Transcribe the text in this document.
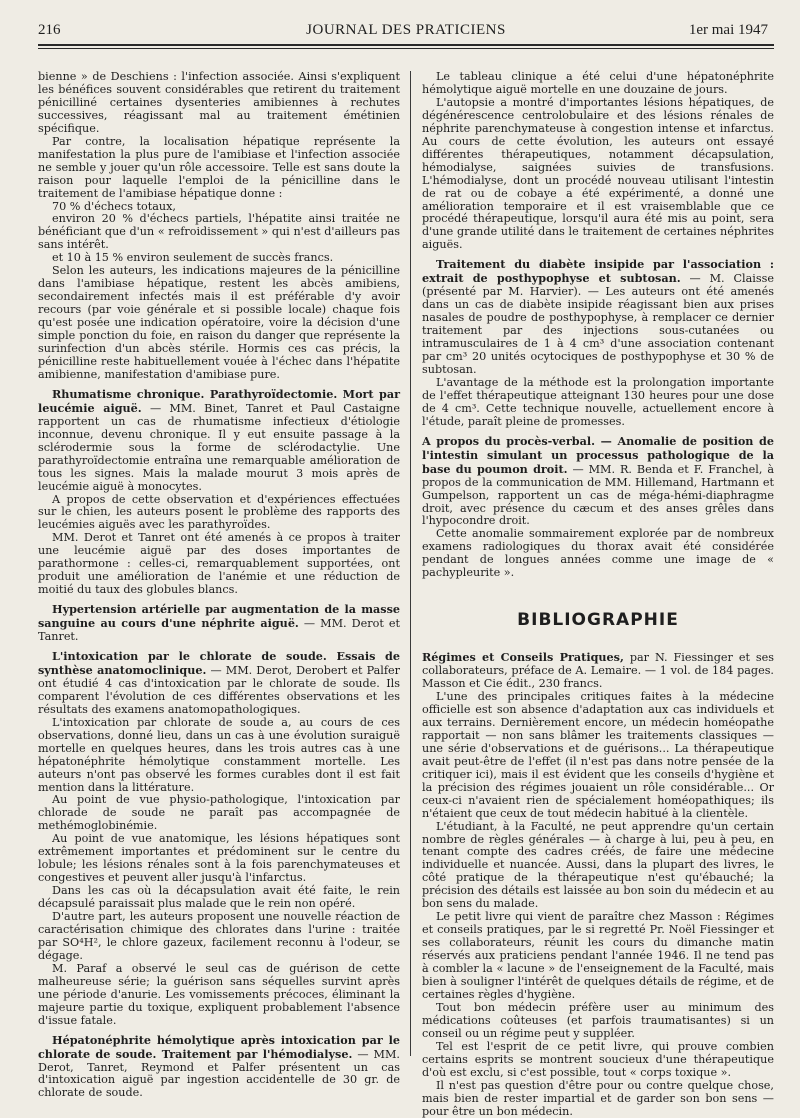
216	JOURNAL DES PRATICIENS	1er mai 1947

bienne » de Deschiens : l'infection associée. Ainsi s'expliquent les bénéfices souvent considérables que retirent du traitement pénicilliné certaines dysenteries amibiennes à rechutes successives, réagissant mal au traitement émétinien spécifique.

Par contre, la localisation hépatique représente la manifestation la plus pure de l'amibiase et l'infection associée ne semble y jouer qu'un rôle accessoire. Telle est sans doute la raison pour laquelle l'emploi de la pénicilline dans le traitement de l'amibiase hépatique donne :

70 % d'échecs totaux,

environ 20 % d'échecs partiels, l'hépatite ainsi traitée ne bénéficiant que d'un « refroidissement » qui n'est d'ailleurs pas sans intérêt.

et 10 à 15 % environ seulement de succès francs.

Selon les auteurs, les indications majeures de la pénicilline dans l'amibiase hépatique, restent les abcès amibiens, secondairement infectés mais il est préférable d'y avoir recours (par voie générale et si possible locale) chaque fois qu'est posée une indication opératoire, voire la décision d'une simple ponction du foie, en raison du danger que représente la surinfection d'un abcès stérile. Hormis ces cas précis, la pénicilline reste habituellement vouée à l'échec dans l'hépatite amibienne, manifestation d'amibiase pure.

Rhumatisme chronique. Parathyroïdectomie. Mort par leucémie aiguë. — MM. Binet, Tanret et Paul Castaigne rapportent un cas de rhumatisme infectieux d'étiologie inconnue, devenu chronique. Il y eut ensuite passage à la sclérodermie sous la forme de sclérodactylie. Une parathyroïdectomie entraîna une remarquable amélioration de tous les signes. Mais la malade mourut 3 mois après de leucémie aiguë à monocytes.

A propos de cette observation et d'expériences effectuées sur le chien, les auteurs posent le problème des rapports des leucémies aiguës avec les parathyroïdes.

MM. Derot et Tanret ont été amenés à ce propos à traiter une leucémie aiguë par des doses importantes de parathormone : celles-ci, remarquablement supportées, ont produit une amélioration de l'anémie et une réduction de moitié du taux des globules blancs.

Hypertension artérielle par augmentation de la masse sanguine au cours d'une néphrite aiguë. — MM. Derot et Tanret.

L'intoxication par le chlorate de soude. Essais de synthèse anatomoclinique. — MM. Derot, Derobert et Palfer ont étudié 4 cas d'intoxication par le chlorate de soude. Ils comparent l'évolution de ces différentes observations et les résultats des examens anatomopathologiques.

L'intoxication par chlorate de soude a, au cours de ces observations, donné lieu, dans un cas à une évolution suraiguë mortelle en quelques heures, dans les trois autres cas à une hépatonéphrite hémolytique constamment mortelle. Les auteurs n'ont pas observé les formes curables dont il est fait mention dans la littérature.

Au point de vue physio-pathologique, l'intoxication par chlorade de soude ne paraît pas accompagnée de methémoglobinémie.

Au point de vue anatomique, les lésions hépatiques sont extrêmement importantes et prédominent sur le centre du lobule; les lésions rénales sont à la fois parenchymateuses et congestives et peuvent aller jusqu'à l'infarctus.

Dans les cas où la décapsulation avait été faite, le rein décapsulé paraissait plus malade que le rein non opéré.

D'autre part, les auteurs proposent une nouvelle réaction de caractérisation chimique des chlorates dans l'urine : traitée par SO⁴H², le chlore gazeux, facilement reconnu à l'odeur, se dégage.

M. Paraf a observé le seul cas de guérison de cette malheureuse série; la guérison sans séquelles survint après une période d'anurie. Les vomissements précoces, éliminant la majeure partie du toxique, expliquent probablement l'absence d'issue fatale.

Hépatonéphrite hémolytique après intoxication par le chlorate de soude. Traitement par l'hémodialyse. — MM. Derot, Tanret, Reymond et Palfer présentent un cas d'intoxication aiguë par ingestion accidentelle de 30 gr. de chlorate de soude.

Le tableau clinique a été celui d'une hépatonéphrite hémolytique aiguë mortelle en une douzaine de jours.

L'autopsie a montré d'importantes lésions hépatiques, de dégénérescence centrolobulaire et des lésions rénales de néphrite parenchymateuse à congestion intense et infarctus. Au cours de cette évolution, les auteurs ont essayé différentes thérapeutiques, notamment décapsulation, hémodialyse, saignées suivies de transfusions. L'hémodialyse, dont un procédé nouveau utilisant l'intestin de rat ou de cobaye a été expérimenté, a donné une amélioration temporaire et il est vraisemblable que ce procédé thérapeutique, lorsqu'il aura été mis au point, sera d'une grande utilité dans le traitement de certaines néphrites aiguës.

Traitement du diabète insipide par l'association : extrait de posthypophyse et subtosan. — M. Claisse (présenté par M. Harvier). — Les auteurs ont été amenés dans un cas de diabète insipide réagissant bien aux prises nasales de poudre de posthypophyse, à remplacer ce dernier traitement par des injections sous-cutanées ou intramusculaires de 1 à 4 cm³ d'une association contenant par cm³ 20 unités ocytociques de posthypophyse et 30 % de subtosan.

L'avantage de la méthode est la prolongation importante de l'effet thérapeutique atteignant 130 heures pour une dose de 4 cm³. Cette technique nouvelle, actuellement encore à l'étude, paraît pleine de promesses.

A propos du procès-verbal. — Anomalie de position de l'intestin simulant un processus pathologique de la base du poumon droit. — MM. R. Benda et F. Franchel, à propos de la communication de MM. Hillemand, Hartmann et Gumpelson, rapportent un cas de méga-hémi-diaphragme droit, avec présence du cæcum et des anses grêles dans l'hypocondre droit.

Cette anomalie sommairement explorée par de nombreux examens radiologiques du thorax avait été considérée pendant de longues années comme une image de « pachypleurite ».

BIBLIOGRAPHIE

Régimes et Conseils Pratiques, par N. Fiessinger et ses collaborateurs, préface de A. Lemaire. — 1 vol. de 184 pages. Masson et Cie édit., 230 francs.

L'une des principales critiques faites à la médecine officielle est son absence d'adaptation aux cas individuels et aux terrains. Dernièrement encore, un médecin homéopathe rapportait — non sans blâmer les traitements classiques — une série d'observations et de guérisons... La thérapeutique avait peut-être de l'effet (il n'est pas dans notre pensée de la critiquer ici), mais il est évident que les conseils d'hygiène et la précision des régimes jouaient un rôle considérable... Or ceux-ci n'avaient rien de spécialement homéopathiques; ils n'étaient que ceux de tout médecin habitué à la clientèle.

L'étudiant, à la Faculté, ne peut apprendre qu'un certain nombre de règles générales — à charge à lui, peu à peu, en tenant compte des cadres créés, de faire une médecine individuelle et nuancée. Aussi, dans la plupart des livres, le côté pratique de la thérapeutique n'est qu'ébauché; la précision des détails est laissée au bon soin du médecin et au bon sens du malade.

Le petit livre qui vient de paraître chez Masson : Régimes et conseils pratiques, par le si regretté Pr. Noël Fiessinger et ses collaborateurs, réunit les cours du dimanche matin réservés aux praticiens pendant l'année 1946. Il ne tend pas à combler la « lacune » de l'enseignement de la Faculté, mais bien à souligner l'intérêt de quelques détails de régime, et de certaines règles d'hygiène.

Tout bon médecin préfère user au minimum des médications coûteuses (et parfois traumatisantes) si un conseil ou un régime peut y suppléer.

Tel est l'esprit de ce petit livre, qui prouve combien certains esprits se montrent soucieux d'une thérapeutique d'où est exclu, si c'est possible, tout « corps toxique ».

Il n'est pas question d'être pour ou contre quelque chose, mais bien de rester impartial et de garder son bon sens — pour être un bon médecin.
